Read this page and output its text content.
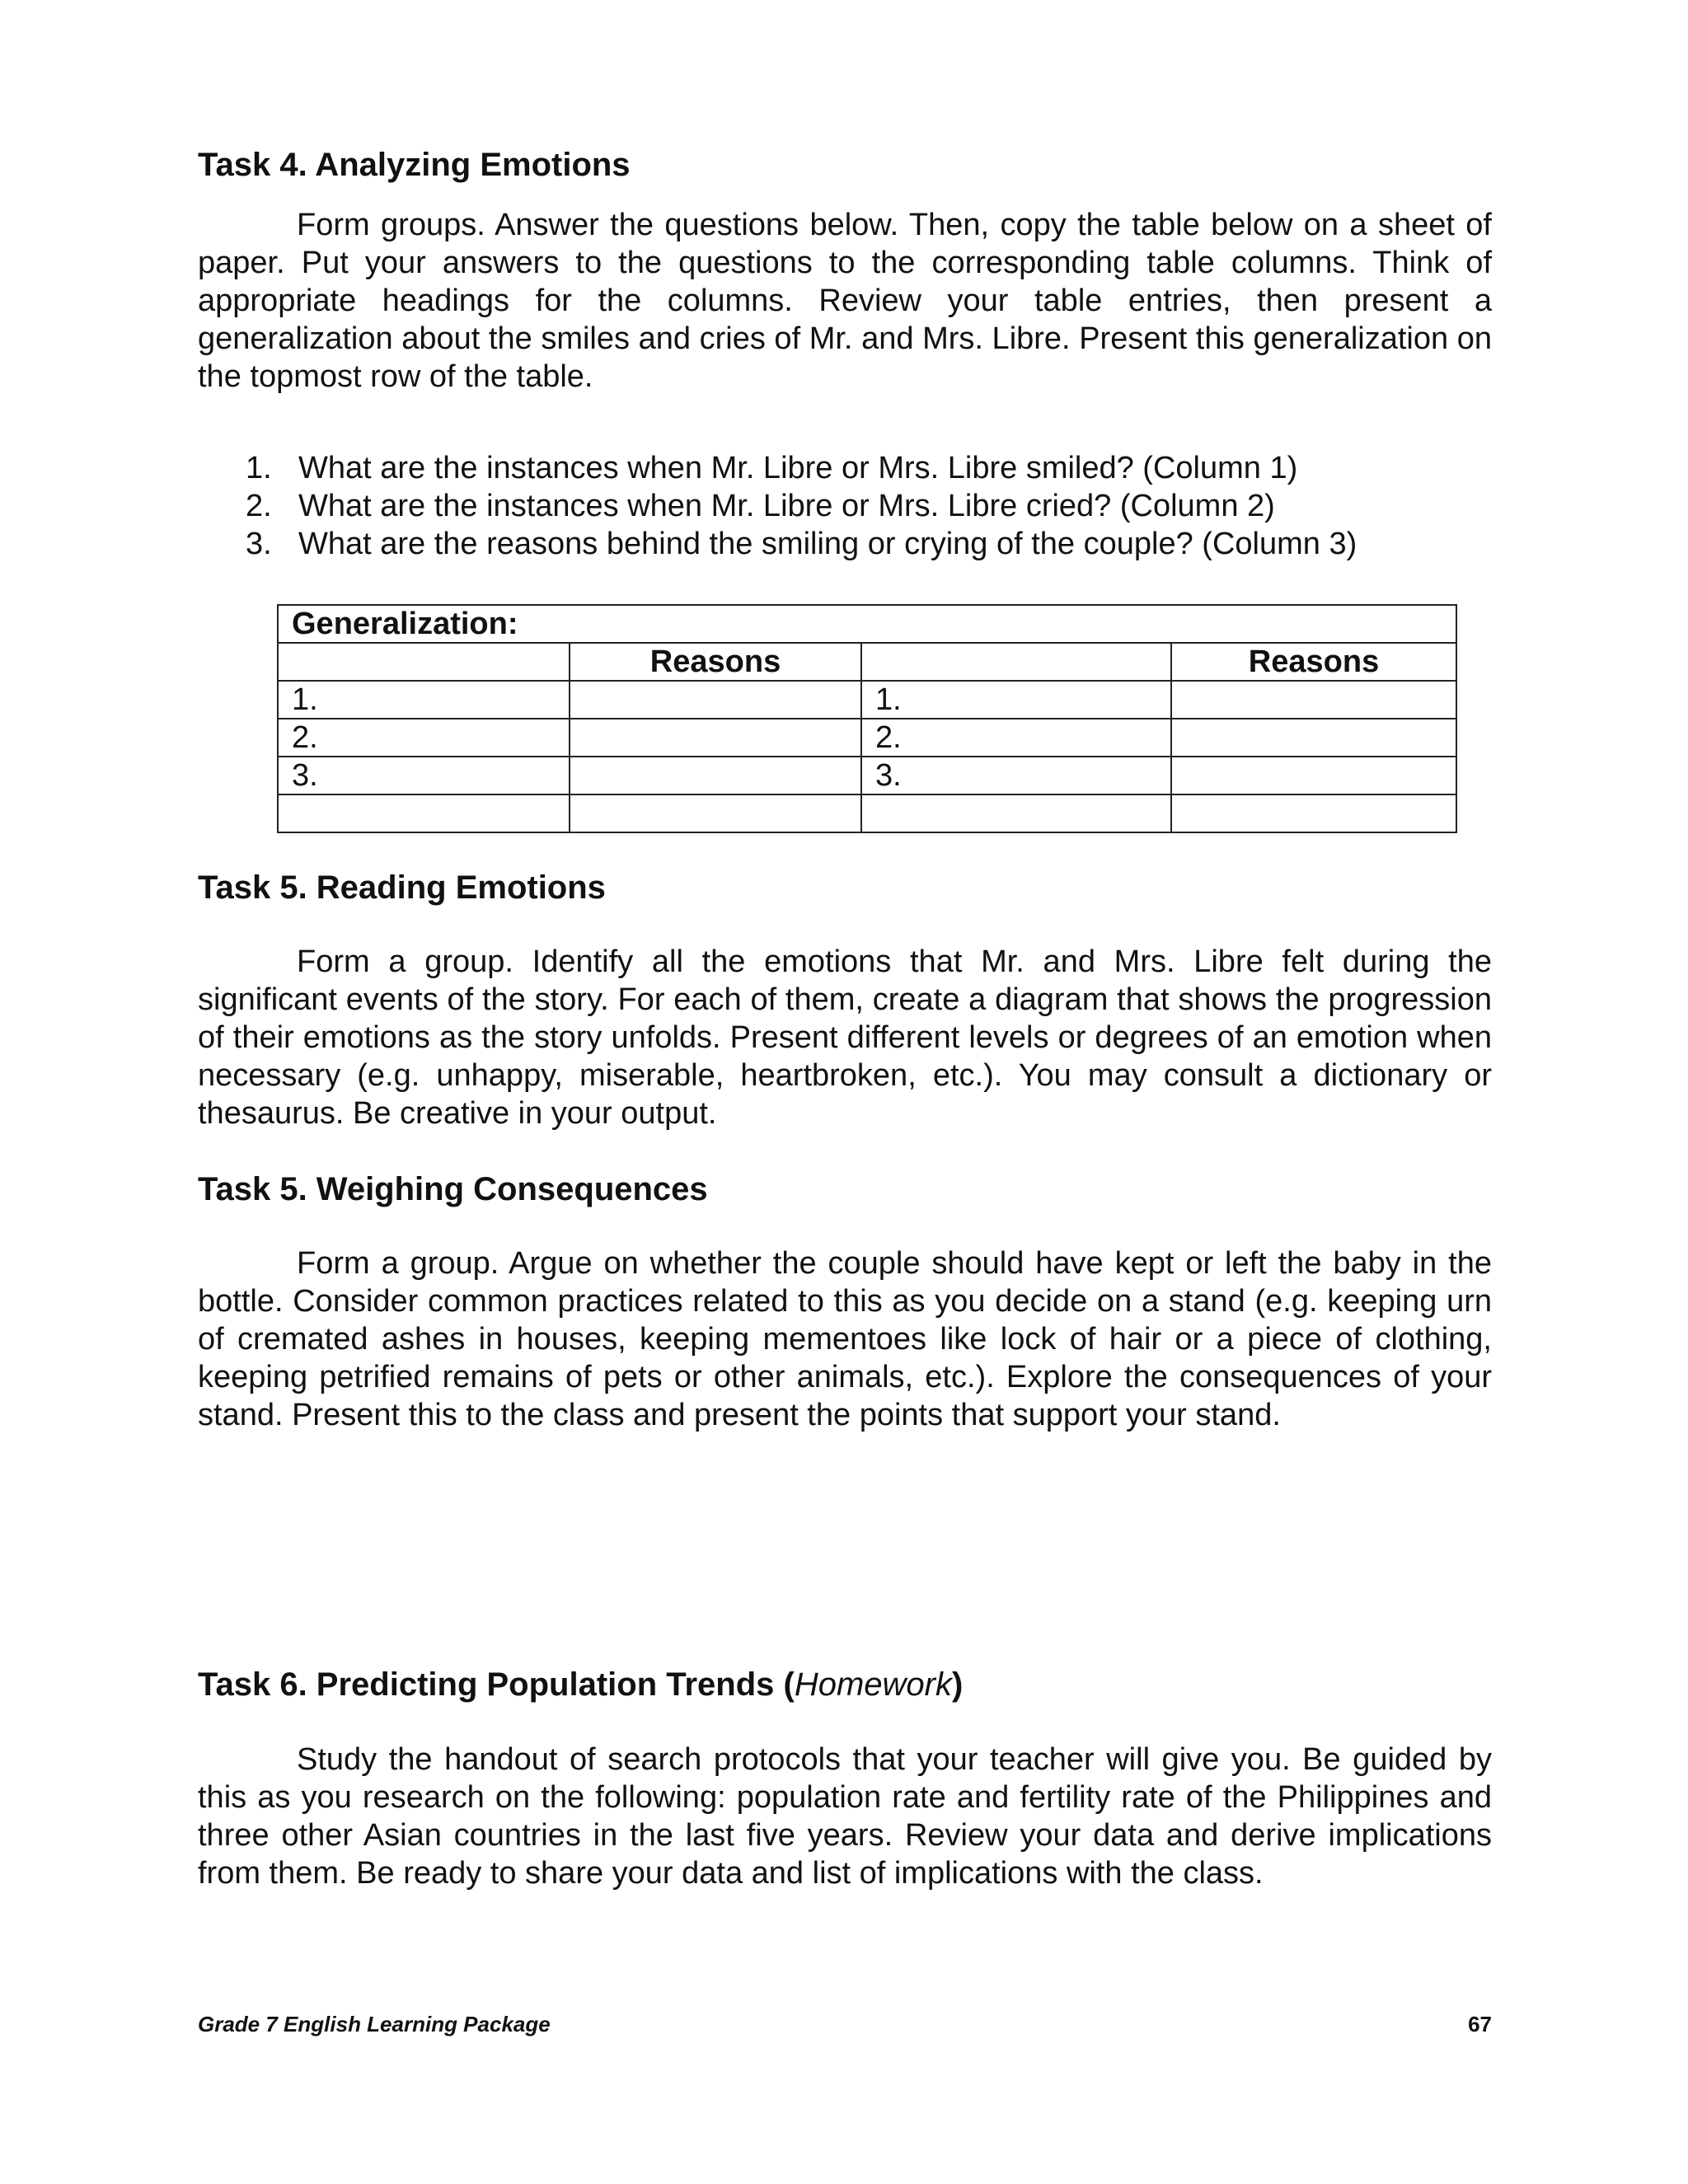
Task 4. Analyzing Emotions

Form groups. Answer the questions below. Then, copy the table below on a sheet of paper. Put your answers to the questions to the corresponding table columns. Think of appropriate headings for the columns. Review your table entries, then present a generalization about the smiles and cries of Mr. and Mrs. Libre. Present this generalization on the topmost row of the table.

1. What are the instances when Mr. Libre or Mrs. Libre smiled? (Column 1)
2. What are the instances when Mr. Libre or Mrs. Libre cried? (Column 2)
3. What are the reasons behind the smiling or crying of the couple? (Column 3)
Generalization:			
	Reasons		Reasons
1.		1.	
2.		2.	
3.		3.	

Task 5. Reading Emotions

Form a group. Identify all the emotions that Mr. and Mrs. Libre felt during the significant events of the story. For each of them, create a diagram that shows the progression of their emotions as the story unfolds. Present different levels or degrees of an emotion when necessary (e.g. unhappy, miserable, heartbroken, etc.). You may consult a dictionary or thesaurus. Be creative in your output.

Task 5. Weighing Consequences

Form a group. Argue on whether the couple should have kept or left the baby in the bottle. Consider common practices related to this as you decide on a stand (e.g. keeping urn of cremated ashes in houses, keeping mementoes like lock of hair or a piece of clothing, keeping petrified remains of pets or other animals, etc.). Explore the consequences of your stand. Present this to the class and present the points that support your stand.

Task 6. Predicting Population Trends (Homework)

Study the handout of search protocols that your teacher will give you. Be guided by this as you research on the following: population rate and fertility rate of the Philippines and three other Asian countries in the last five years. Review your data and derive implications from them. Be ready to share your data and list of implications with the class.

Grade 7 English Learning Package	67
